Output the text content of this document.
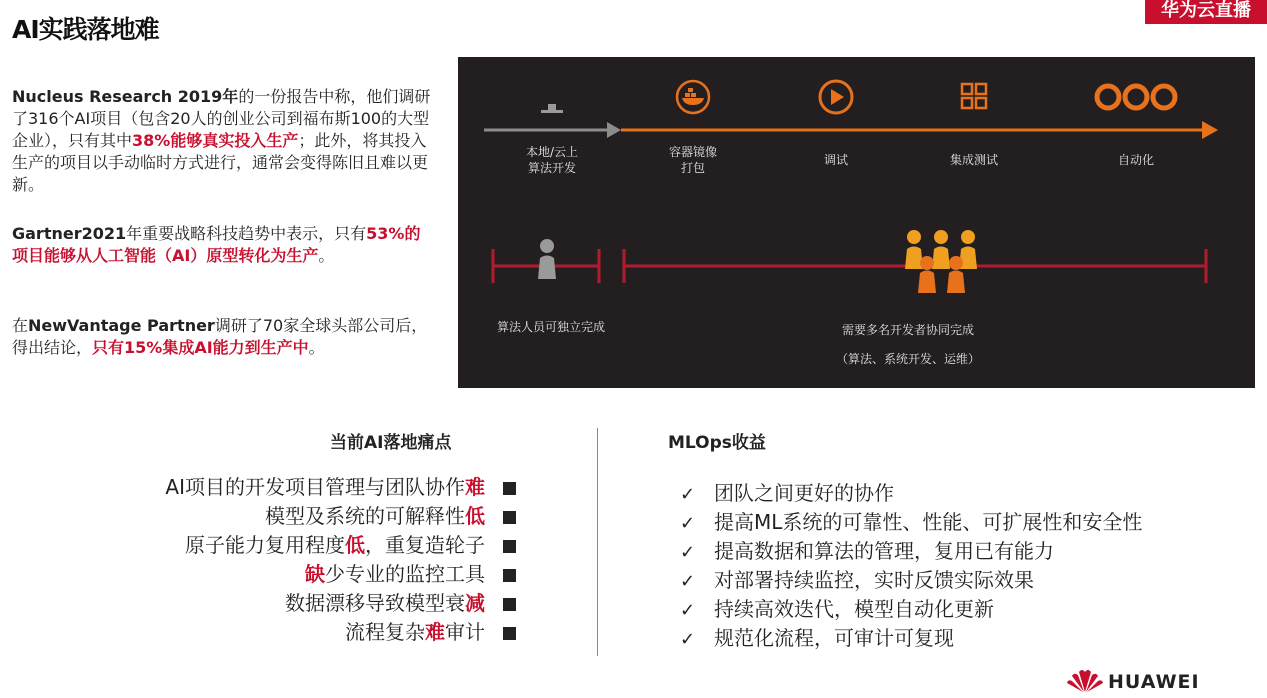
AI实践落地难
华为云直播
Nucleus Research 2019年的一份报告中称，他们调研了316个AI项目（包含20人的创业公司到福布斯100的大型企业），只有其中38%能够真实投入生产；此外，将其投入生产的项目以手动临时方式进行，通常会变得陈旧且难以更新。
Gartner2021年重要战略科技趋势中表示，只有53%的项目能够从人工智能（AI）原型转化为生产。
在NewVantage Partner调研了70家全球头部公司后，得出结论，只有15%集成AI能力到生产中。
本地/云上
算法开发
容器镜像
打包
调试	集成测试	自动化
算法人员可独立完成	需要多名开发者协同完成
（算法、系统开发、运维）
当前AI落地痛点	MLOps收益
AI项目的开发项目管理与团队协作难
模型及系统的可解释性低
原子能力复用程度低，重复造轮子
缺少专业的监控工具
数据漂移导致模型衰减
流程复杂难审计
✓ 团队之间更好的协作
✓ 提高ML系统的可靠性、性能、可扩展性和安全性
✓ 提高数据和算法的管理，复用已有能力
✓ 对部署持续监控，实时反馈实际效果
✓ 持续高效迭代，模型自动化更新
✓ 规范化流程，可审计可复现
HUAWEI
